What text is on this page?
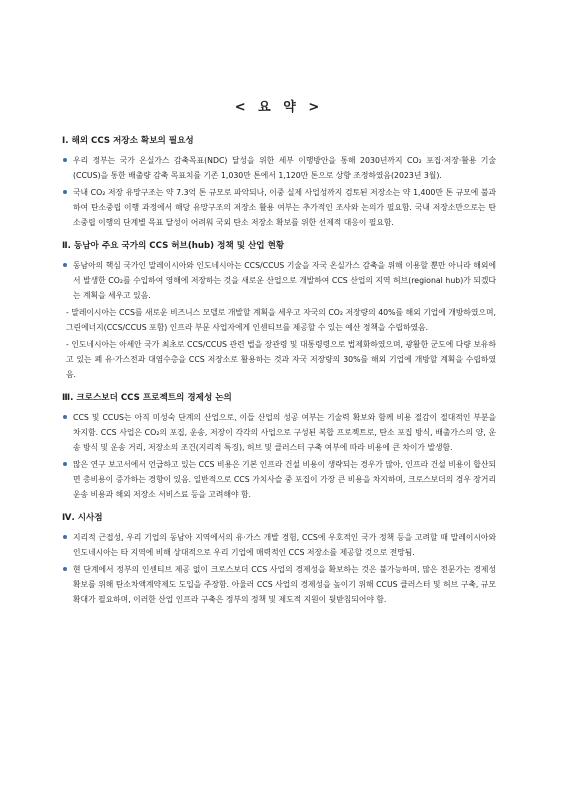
< 요 약 >
Ⅰ. 해외 CCS 저장소 확보의 필요성
우리 정부는 국가 온실가스 감축목표(NDC) 달성을 위한 세부 이행방안을 통해 2030년까지 CO₂ 포집·저장·활용 기술(CCUS)을 통한 배출량 감축 목표치를 기존 1,030만 톤에서 1,120만 톤으로 상향 조정하였음(2023년 3월).
국내 CO₂ 저장 유망구조는 약 7.3억 톤 규모로 파악되나, 이중 실제 사업성까지 검토된 저장소는 약 1,400만 톤 규모에 불과하여 탄소중립 이행 과정에서 해당 유망구조의 저장소 활용 여부는 추가적인 조사와 논의가 필요함. 국내 저장소만으로는 탄소중립 이행의 단계별 목표 달성이 어려워 국외 탄소 저장소 확보를 위한 선제적 대응이 필요함.
Ⅱ. 동남아 주요 국가의 CCS 허브(hub) 정책 및 산업 현황
동남아의 핵심 국가인 말레이시아와 인도네시아는 CCS/CCUS 기술을 자국 온실가스 감축을 위해 이용할 뿐만 아니라 해외에서 발생한 CO₂를 수입하여 영해에 저장하는 것을 새로운 산업으로 개발하여 CCS 산업의 지역 허브(regional hub)가 되겠다는 계획을 세우고 있음.
- 말레이시아는 CCS를 새로운 비즈니스 모델로 개발할 계획을 세우고 자국의 CO₂ 저장량의 40%를 해외 기업에 개방하였으며, 그린에너지(CCS/CCUS 포함) 인프라 부문 사업자에게 인센티브를 제공할 수 있는 예산 정책을 수립하였음.
- 인도네시아는 아세안 국가 최초로 CCS/CCUS 관련 법을 장관령 및 대통령령으로 법제화하였으며, 광활한 군도에 다량 보유하고 있는 폐 유·가스전과 대염수층을 CCS 저장소로 활용하는 것과 자국 저장량의 30%를 해외 기업에 개방할 계획을 수립하였음.
Ⅲ. 크로스보더 CCS 프로젝트의 경제성 논의
CCS 및 CCUS는 아직 미성숙 단계의 산업으로, 이들 산업의 성공 여부는 기술력 확보와 함께 비용 절감이 절대적인 부분을 차지함. CCS 사업은 CO₂의 포집, 운송, 저장이 각각의 사업으로 구성된 복합 프로젝트로, 탄소 포집 방식, 배출가스의 양, 운송 방식 및 운송 거리, 저장소의 조건(지리적 특징), 허브 및 클러스터 구축 여부에 따라 비용에 큰 차이가 발생함.
많은 연구 보고서에서 언급하고 있는 CCS 비용은 기본 인프라 건설 비용이 생략되는 경우가 많아, 인프라 건설 비용이 합산되면 총비용이 증가하는 경향이 있음. 일반적으로 CCS 가치사슬 중 포집이 가장 큰 비용을 차지하며, 크로스보더의 경우 장거리 운송 비용과 해외 저장소 서비스료 등을 고려해야 함.
Ⅳ. 시사점
지리적 근접성, 우리 기업의 동남아 지역에서의 유·가스 개발 경험, CCS에 우호적인 국가 정책 등을 고려할 때 말레이시아와 인도네시아는 타 지역에 비해 상대적으로 우리 기업에 매력적인 CCS 저장소를 제공할 것으로 전망됨.
현 단계에서 정부의 인센티브 제공 없이 크로스보더 CCS 사업의 경제성을 확보하는 것은 불가능하며, 많은 전문가는 경제성 확보를 위해 탄소차액계약제도 도입을 주장함. 아울러 CCS 사업의 경제성을 높이기 위해 CCUS 클러스터 및 허브 구축, 규모 확대가 필요하며, 이러한 산업 인프라 구축은 정부의 정책 및 제도적 지원이 뒷받침되어야 함.
